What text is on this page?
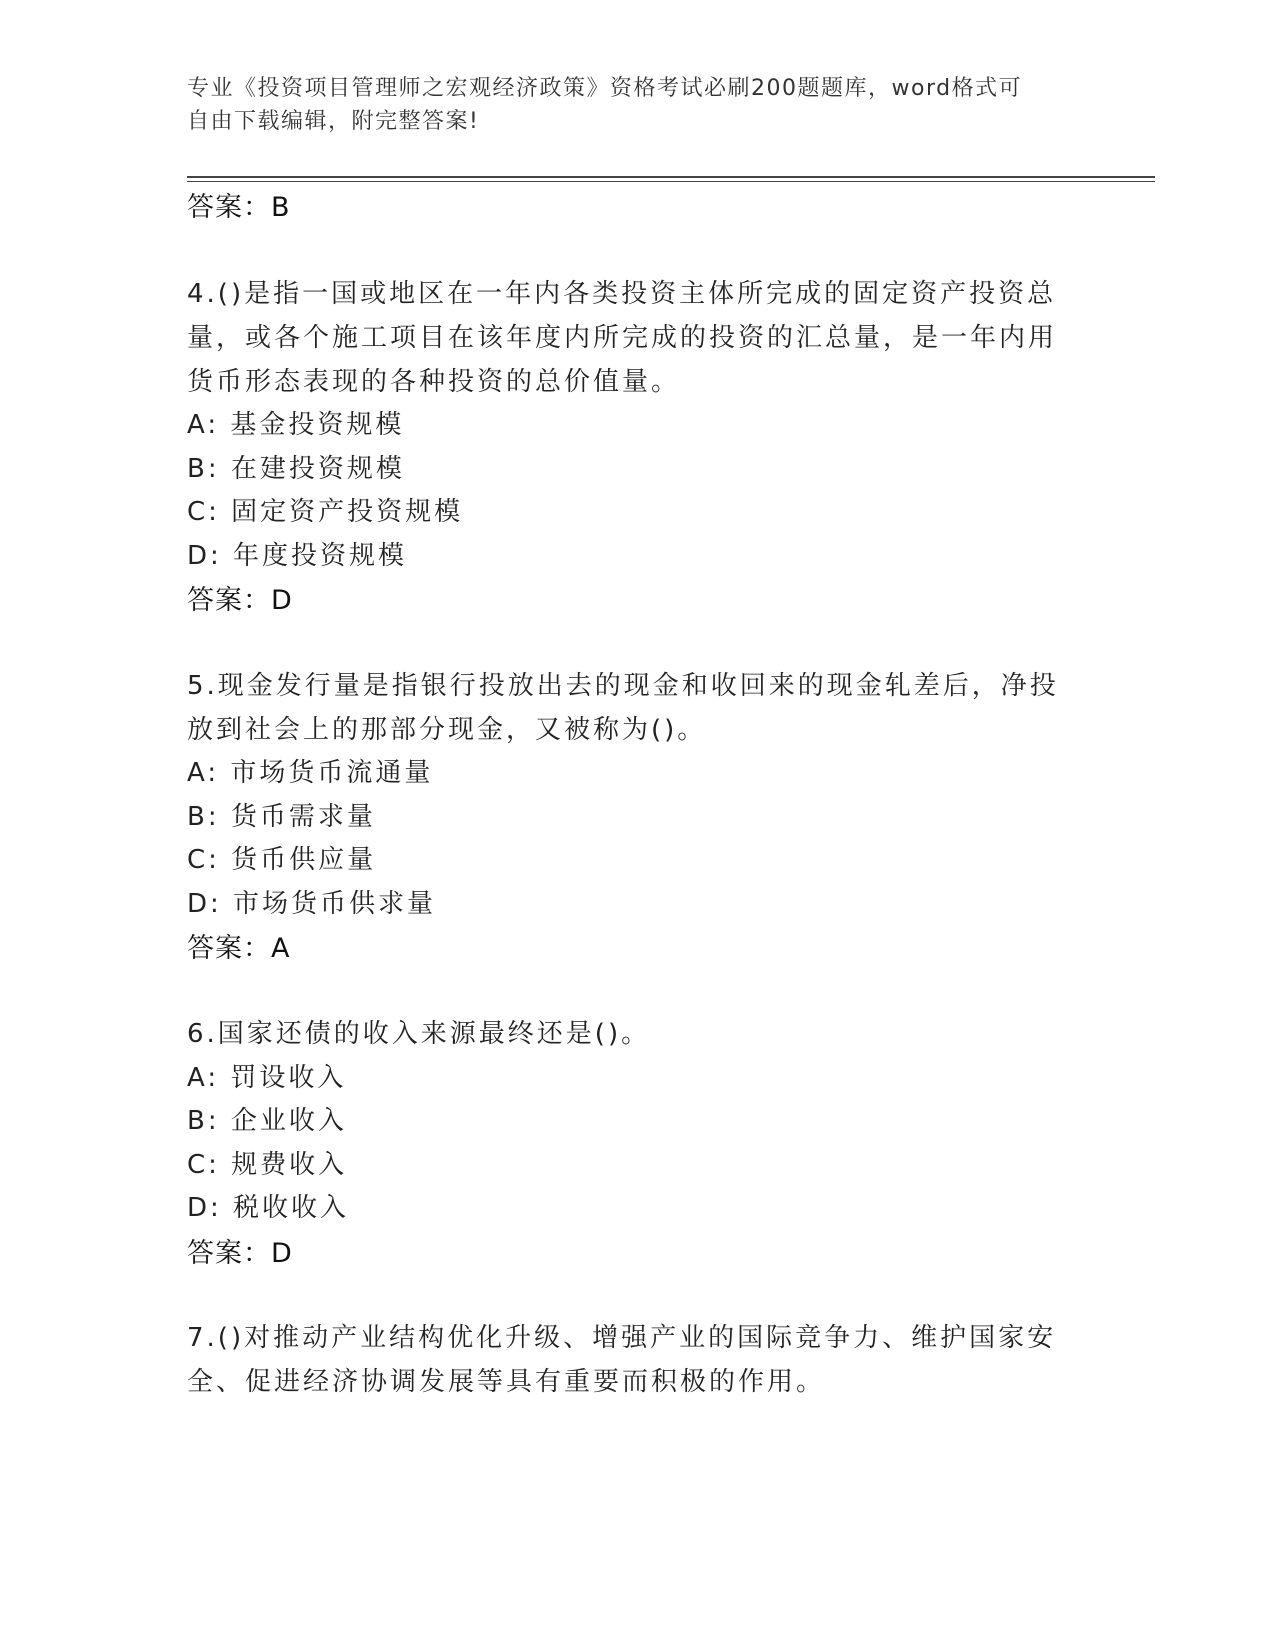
专业《投资项目管理师之宏观经济政策》资格考试必刷200题题库，word格式可
自由下载编辑，附完整答案!
答案：B
4.()是指一国或地区在一年内各类投资主体所完成的固定资产投资总
量，或各个施工项目在该年度内所完成的投资的汇总量，是一年内用
货币形态表现的各种投资的总价值量。
A: 基金投资规模
B: 在建投资规模
C: 固定资产投资规模
D: 年度投资规模
答案：D
5.现金发行量是指银行投放出去的现金和收回来的现金轧差后，净投
放到社会上的那部分现金，又被称为()。
A: 市场货币流通量
B: 货币需求量
C: 货币供应量
D: 市场货币供求量
答案：A
6.国家还债的收入来源最终还是()。
A: 罚设收入
B: 企业收入
C: 规费收入
D: 税收收入
答案：D
7.()对推动产业结构优化升级、增强产业的国际竞争力、维护国家安
全、促进经济协调发展等具有重要而积极的作用。
